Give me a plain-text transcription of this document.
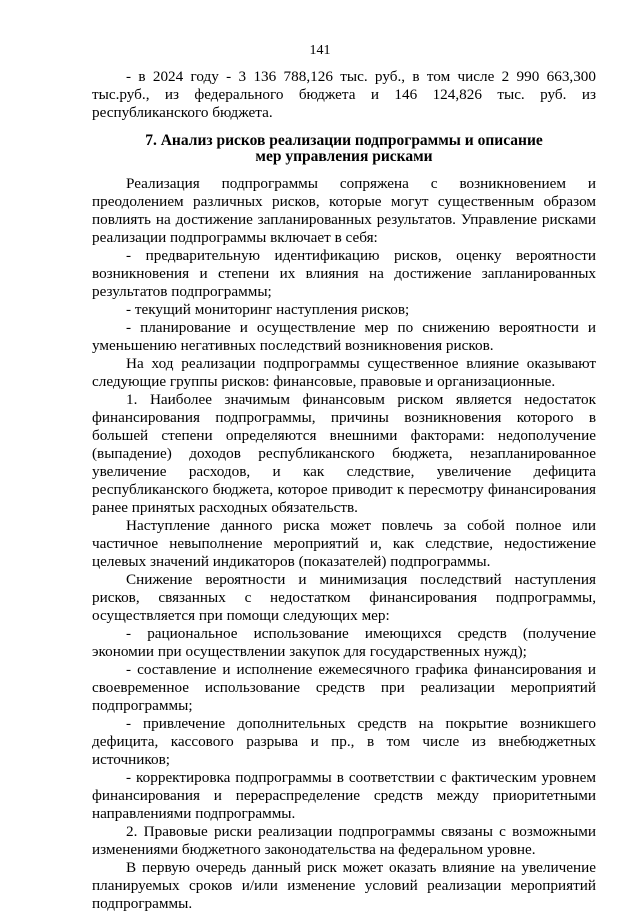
141

- в 2024 году - 3 136 788,126 тыс. руб., в том числе 2 990 663,300 тыс.руб., из федерального бюджета и 146 124,826 тыс. руб. из республиканского бюджета.

7. Анализ рисков реализации подпрограммы и описание мер управления рисками

Реализация подпрограммы сопряжена с возникновением и преодолением различных рисков, которые могут существенным образом повлиять на достижение запланированных результатов. Управление рисками реализации подпрограммы включает в себя:

- предварительную идентификацию рисков, оценку вероятности возникновения и степени их влияния на достижение запланированных результатов подпрограммы;

- текущий мониторинг наступления рисков;

- планирование и осуществление мер по снижению вероятности и уменьшению негативных последствий возникновения рисков.

На ход реализации подпрограммы существенное влияние оказывают следующие группы рисков: финансовые, правовые и организационные.

1. Наиболее значимым финансовым риском является недостаток финансирования подпрограммы, причины возникновения которого в большей степени определяются внешними факторами: недополучение (выпадение) доходов республиканского бюджета, незапланированное увеличение расходов, и как следствие, увеличение дефицита республиканского бюджета, которое приводит к пересмотру финансирования ранее принятых расходных обязательств.

Наступление данного риска может повлечь за собой полное или частичное невыполнение мероприятий и, как следствие, недостижение целевых значений индикаторов (показателей) подпрограммы.

Снижение вероятности и минимизация последствий наступления рисков, связанных с недостатком финансирования подпрограммы, осуществляется при помощи следующих мер:

- рациональное использование имеющихся средств (получение экономии при осуществлении закупок для государственных нужд);

- составление и исполнение ежемесячного графика финансирования и своевременное использование средств при реализации мероприятий подпрограммы;

- привлечение дополнительных средств на покрытие возникшего дефицита, кассового разрыва и пр., в том числе из внебюджетных источников;

- корректировка подпрограммы в соответствии с фактическим уровнем финансирования и перераспределение средств между приоритетными направлениями подпрограммы.

2. Правовые риски реализации подпрограммы связаны с возможными изменениями бюджетного законодательства на федеральном уровне.

В первую очередь данный риск может оказать влияние на увеличение планируемых сроков и/или изменение условий реализации мероприятий подпрограммы.
